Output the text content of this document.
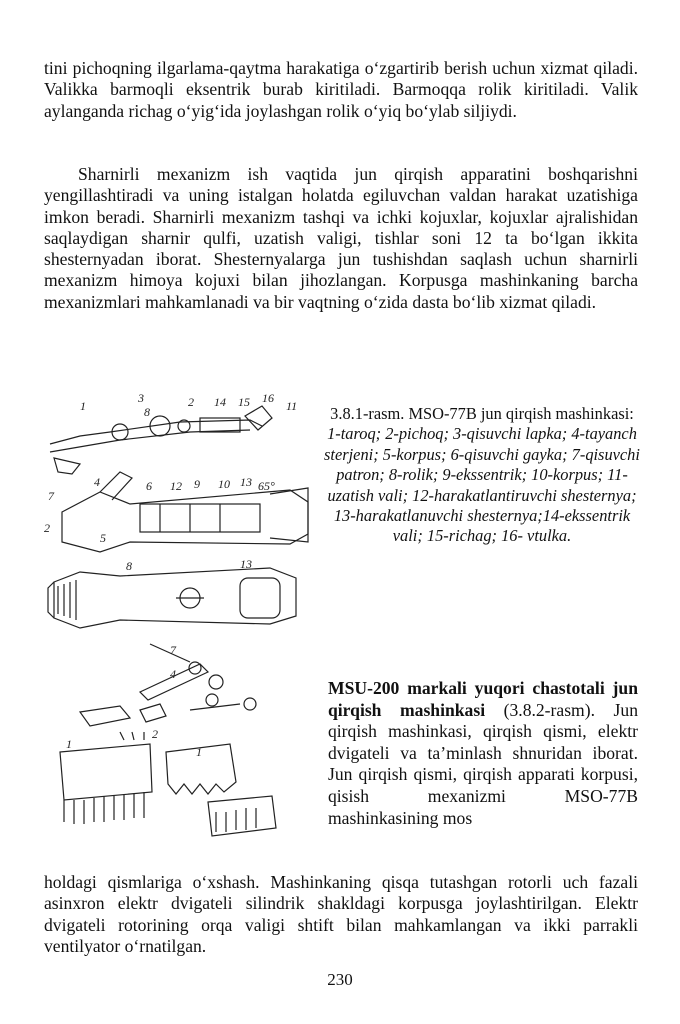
tini pichoqning ilgarlama-qaytma harakatiga o‘zgartirib berish uchun xizmat qiladi. Valikka barmoqli eksentrik burab kiritiladi. Barmoqqa rolik kiritiladi. Valik aylanganda richag o‘yig‘ida joylashgan rolik o‘yiq bo‘ylab siljiydi.

Sharnirli mexanizm ish vaqtida jun qirqish apparatini boshqarishni yengillashtiradi va uning istalgan holatda egiluvchan valdan harakat uzatishiga imkon beradi. Sharnirli mexanizm tashqi va ichki kojuxlar, kojuxlar ajralishidan saqlaydigan sharnir qulfi, uzatish valigi, tishlar soni 12 ta bo‘lgan ikkita shesternyadan iborat. Shesternyalarga jun tushishdan saqlash uchun sharnirli mexanizm himoya kojuxi bilan jihozlangan. Korpusga mashinkaning barcha mexanizmlari mahkamlanadi va bir vaqtning o‘zida dasta bo‘lib xizmat qiladi.

1
3
8
2 14 15 16
11
6 12 9 10 13
7
4
5
65°
2
8	13
7
4
1
2
1
3.8.1-rasm. MSO-77B jun qirqish mashinkasi:
1-taroq; 2-pichoq; 3-qisuvchi lapka; 4-tayanch sterjeni; 5-korpus; 6-qisuvchi gayka; 7-qisuvchi patron; 8-rolik; 9-ekssentrik; 10-korpus; 11-uzatish vali; 12-harakatlantiruvchi shesternya; 13-harakatlanuvchi shesternya;14-ekssentrik vali; 15-richag; 16- vtulka.
MSU-200 markali yuqori chastotali jun qirqish mashinkasi (3.8.2-rasm). Jun qirqish mashinkasi, qirqish qismi, elektr dvigateli va ta’minlash shnuridan iborat. Jun qirqish qismi, qirqish apparati korpusi, qisish mexanizmi MSO-77B mashinkasining mos

holdagi qismlariga o‘xshash. Mashinkaning qisqa tutashgan rotorli uch fazali asinxron elektr dvigateli silindrik shakldagi korpusga joylashtirilgan. Elektr dvigateli rotorining orqa valigi shtift bilan mahkamlangan va ikki parrakli ventilyator o‘rnatilgan.

230
